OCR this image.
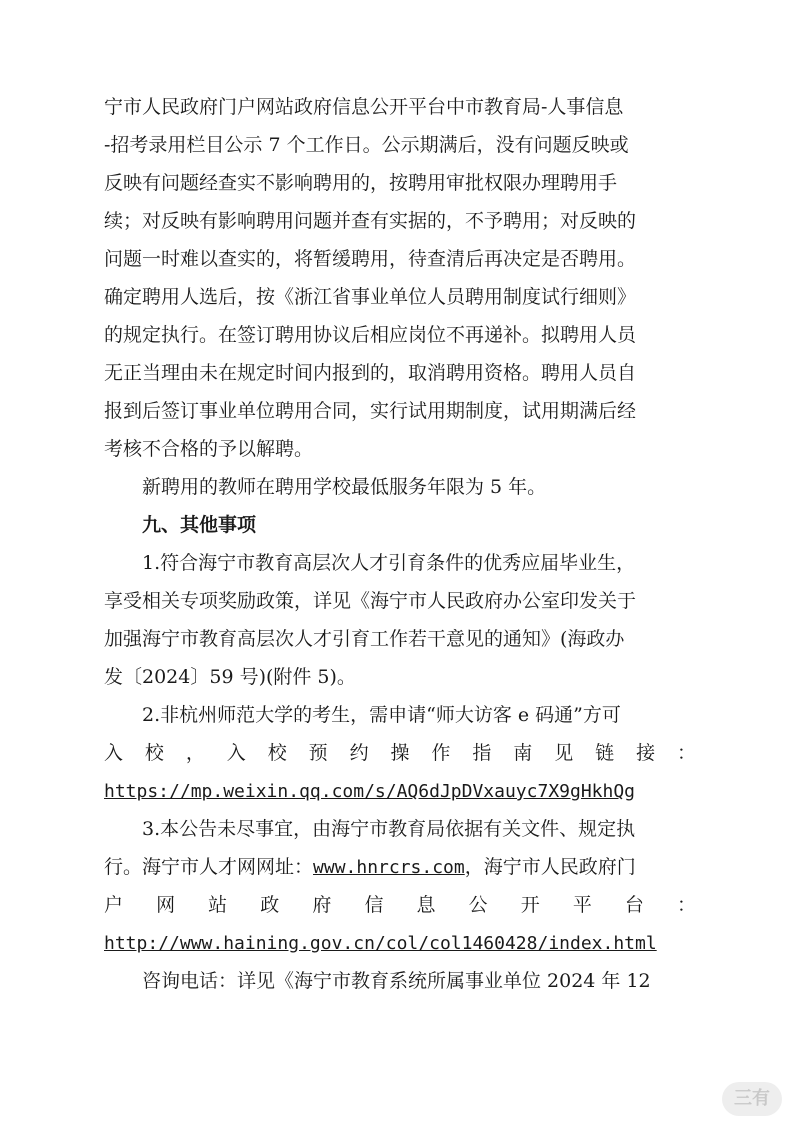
宁市人民政府门户网站政府信息公开平台中市教育局-人事信息
-招考录用栏目公示 7 个工作日。公示期满后，没有问题反映或
反映有问题经查实不影响聘用的，按聘用审批权限办理聘用手
续；对反映有影响聘用问题并查有实据的，不予聘用；对反映的
问题一时难以查实的，将暂缓聘用，待查清后再决定是否聘用。
确定聘用人选后，按《浙江省事业单位人员聘用制度试行细则》
的规定执行。在签订聘用协议后相应岗位不再递补。拟聘用人员
无正当理由未在规定时间内报到的，取消聘用资格。聘用人员自
报到后签订事业单位聘用合同，实行试用期制度，试用期满后经
考核不合格的予以解聘。
新聘用的教师在聘用学校最低服务年限为 5 年。
九、其他事项
1.符合海宁市教育高层次人才引育条件的优秀应届毕业生，
享受相关专项奖励政策，详见《海宁市人民政府办公室印发关于
加强海宁市教育高层次人才引育工作若干意见的通知》(海政办
发〔2024〕59 号)(附件 5)。
2.非杭州师范大学的考生，需申请“师大访客 e 码通”方可
入 校 ， 入 校 预 约 操 作 指 南 见 链 接 ：
https://mp.weixin.qq.com/s/AQ6dJpDVxauyc7X9gHkhQg
3.本公告未尽事宜，由海宁市教育局依据有关文件、规定执
行。海宁市人才网网址：www.hnrcrs.com，海宁市人民政府门
户 网 站 政 府 信 息 公 开 平 台 ：
http://www.haining.gov.cn/col/col1460428/index.html
咨询电话：详见《海宁市教育系统所属事业单位 2024 年 12
三有
